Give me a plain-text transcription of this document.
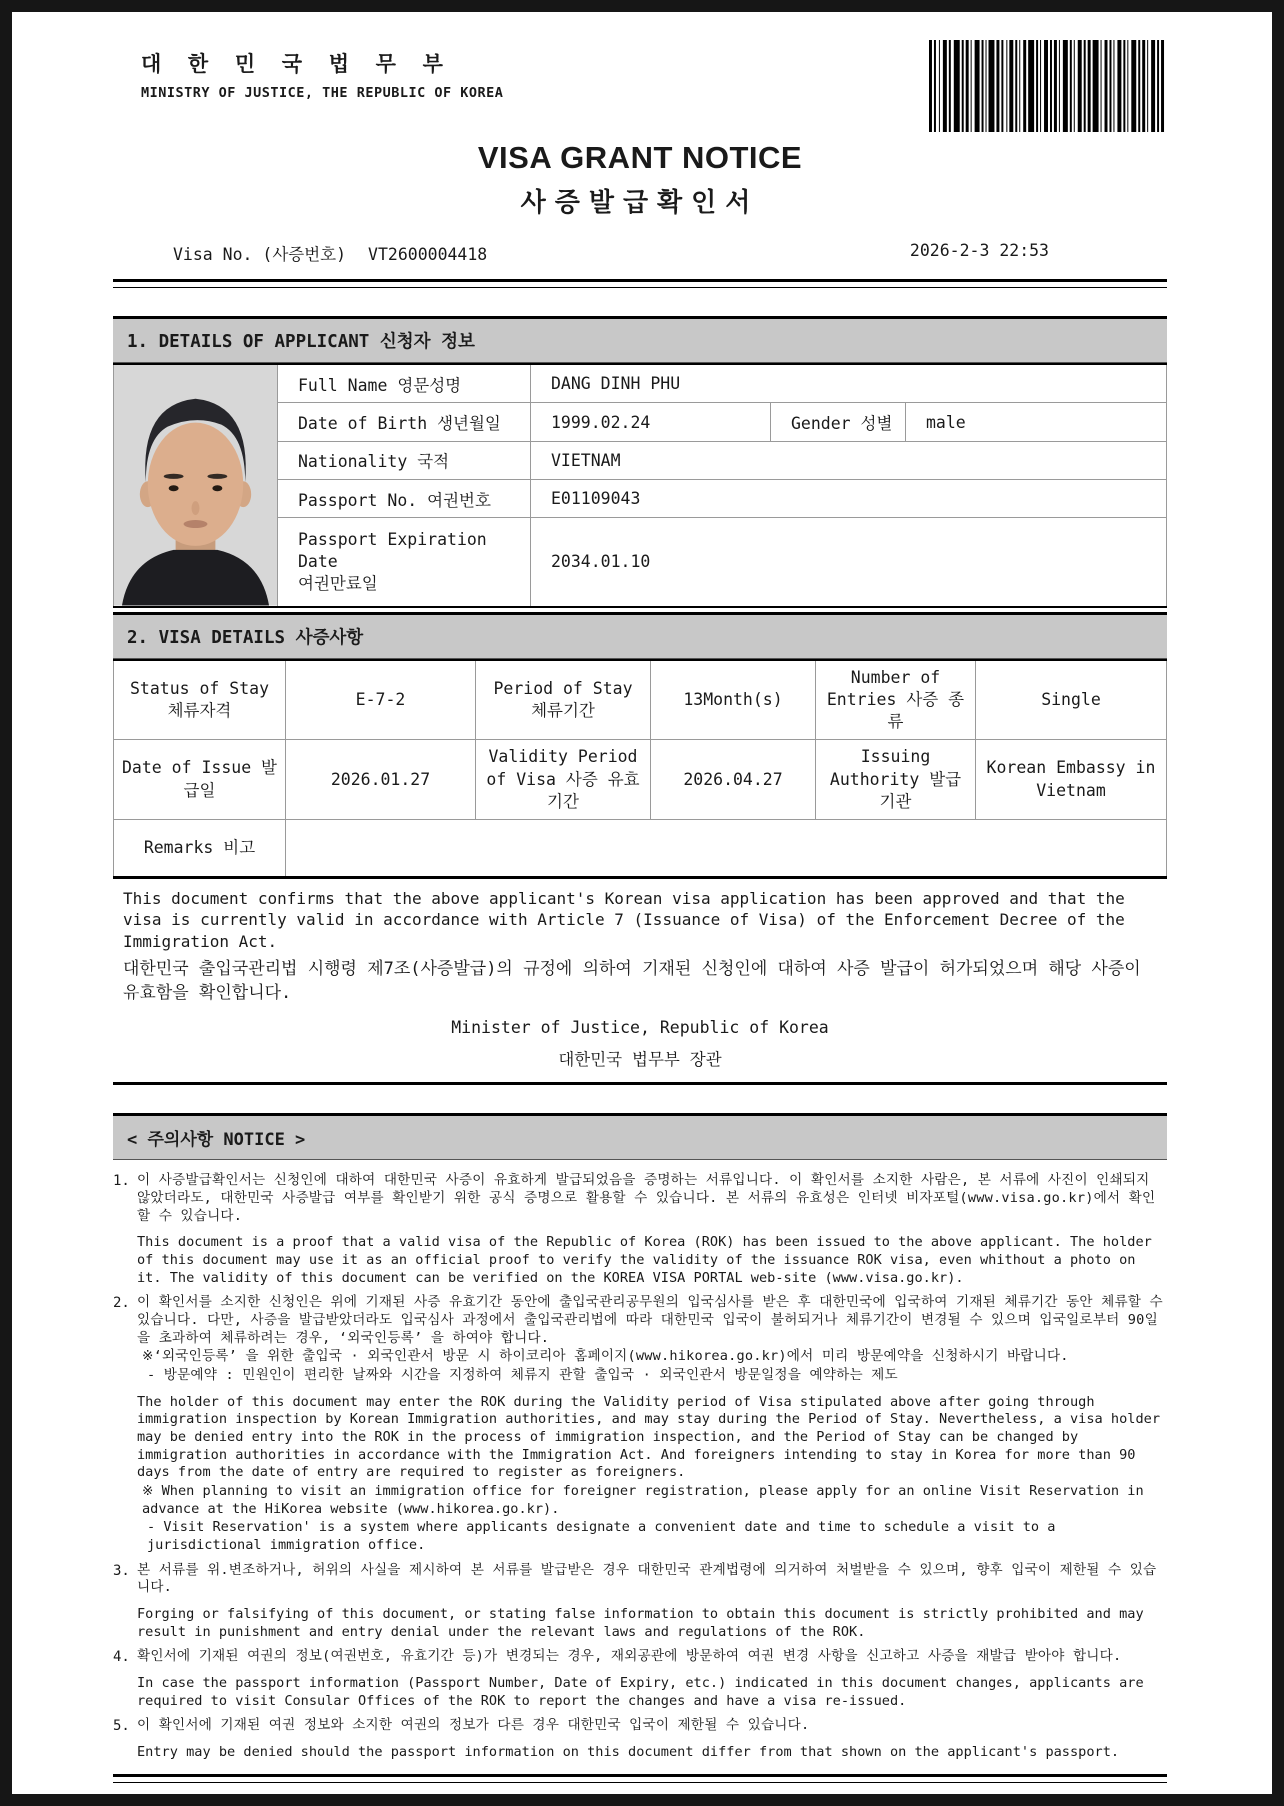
대 한 민 국 법 무 부
MINISTRY OF JUSTICE, THE REPUBLIC OF KOREA
VISA GRANT NOTICE
사증발급확인서
Visa No. (사증번호) VT2600004418	2026-2-3 22:53
1. DETAILS OF APPLICANT 신청자 정보
	Full Name 영문성명	DANG DINH PHU		
	Date of Birth 생년월일	1999.02.24	Gender 성별	male
	Nationality 국적	VIETNAM		
	Passport No. 여권번호	E01109043		

	Passport Expiration Date
여권만료일	2034.01.10		
2. VISA DETAILS 사증사항
Status of Stay 체류자격	E-7-2	Period of Stay 체류기간	13Month(s)	Number of Entries 사증 종류	Single
Date of Issue 발급일	2026.01.27	Validity Period of Visa 사증 유효기간	2026.04.27	Issuing Authority 발급 기관	Korean Embassy in Vietnam
Remarks 비고					
This document confirms that the above applicant's Korean visa application has been approved and that the visa is currently valid in accordance with Article 7 (Issuance of Visa) of the Enforcement Decree of the Immigration Act.
대한민국 출입국관리법 시행령 제7조(사증발급)의 규정에 의하여 기재된 신청인에 대하여 사증 발급이 허가되었으며 해당 사증이 유효함을 확인합니다.
Minister of Justice, Republic of Korea
대한민국 법무부 장관
< 주의사항 NOTICE >
1. 이 사증발급확인서는 신청인에 대하여 대한민국 사증이 유효하게 발급되었음을 증명하는 서류입니다. 이 확인서를 소지한 사람은, 본 서류에 사진이 인쇄되지 않았더라도, 대한민국 사증발급 여부를 확인받기 위한 공식 증명으로 활용할 수 있습니다. 본 서류의 유효성은 인터넷 비자포털(www.visa.go.kr)에서 확인할 수 있습니다.

This document is a proof that a valid visa of the Republic of Korea (ROK) has been issued to the above applicant. The holder of this document may use it as an official proof to verify the validity of the issuance ROK visa, even whithout a photo on it. The validity of this document can be verified on the KOREA VISA PORTAL web-site (www.visa.go.kr).

2. 이 확인서를 소지한 신청인은 위에 기재된 사증 유효기간 동안에 출입국관리공무원의 입국심사를 받은 후 대한민국에 입국하여 기재된 체류기간 동안 체류할 수 있습니다. 다만, 사증을 발급받았더라도 입국심사 과정에서 출입국관리법에 따라 대한민국 입국이 불허되거나 체류기간이 변경될 수 있으며 입국일로부터 90일을 초과하여 체류하려는 경우, ‘외국인등록’ 을 하여야 합니다.

※‘외국인등록’ 을 위한 출입국 · 외국인관서 방문 시 하이코리아 홈페이지(www.hikorea.go.kr)에서 미리 방문예약을 신청하시기 바랍니다.

- 방문예약 : 민원인이 편리한 날짜와 시간을 지정하여 체류지 관할 출입국 · 외국인관서 방문일정을 예약하는 제도

The holder of this document may enter the ROK during the Validity period of Visa stipulated above after going through immigration inspection by Korean Immigration authorities, and may stay during the Period of Stay. Nevertheless, a visa holder may be denied entry into the ROK in the process of immigration inspection, and the Period of Stay can be changed by immigration authorities in accordance with the Immigration Act. And foreigners intending to stay in Korea for more than 90 days from the date of entry are required to register as foreigners.

※ When planning to visit an immigration office for foreigner registration, please apply for an online Visit Reservation in advance at the HiKorea website (www.hikorea.go.kr).

- Visit Reservation' is a system where applicants designate a convenient date and time to schedule a visit to a jurisdictional immigration office.

3. 본 서류를 위.변조하거나, 허위의 사실을 제시하여 본 서류를 발급받은 경우 대한민국 관계법령에 의거하여 처벌받을 수 있으며, 향후 입국이 제한될 수 있습니다.

Forging or falsifying of this document, or stating false information to obtain this document is strictly prohibited and may result in punishment and entry denial under the relevant laws and regulations of the ROK.

4. 확인서에 기재된 여권의 정보(여권번호, 유효기간 등)가 변경되는 경우, 재외공관에 방문하여 여권 변경 사항을 신고하고 사증을 재발급 받아야 합니다.

In case the passport information (Passport Number, Date of Expiry, etc.) indicated in this document changes, applicants are required to visit Consular Offices of the ROK to report the changes and have a visa re-issued.

5. 이 확인서에 기재된 여권 정보와 소지한 여권의 정보가 다른 경우 대한민국 입국이 제한될 수 있습니다.

Entry may be denied should the passport information on this document differ from that shown on the applicant's passport.
